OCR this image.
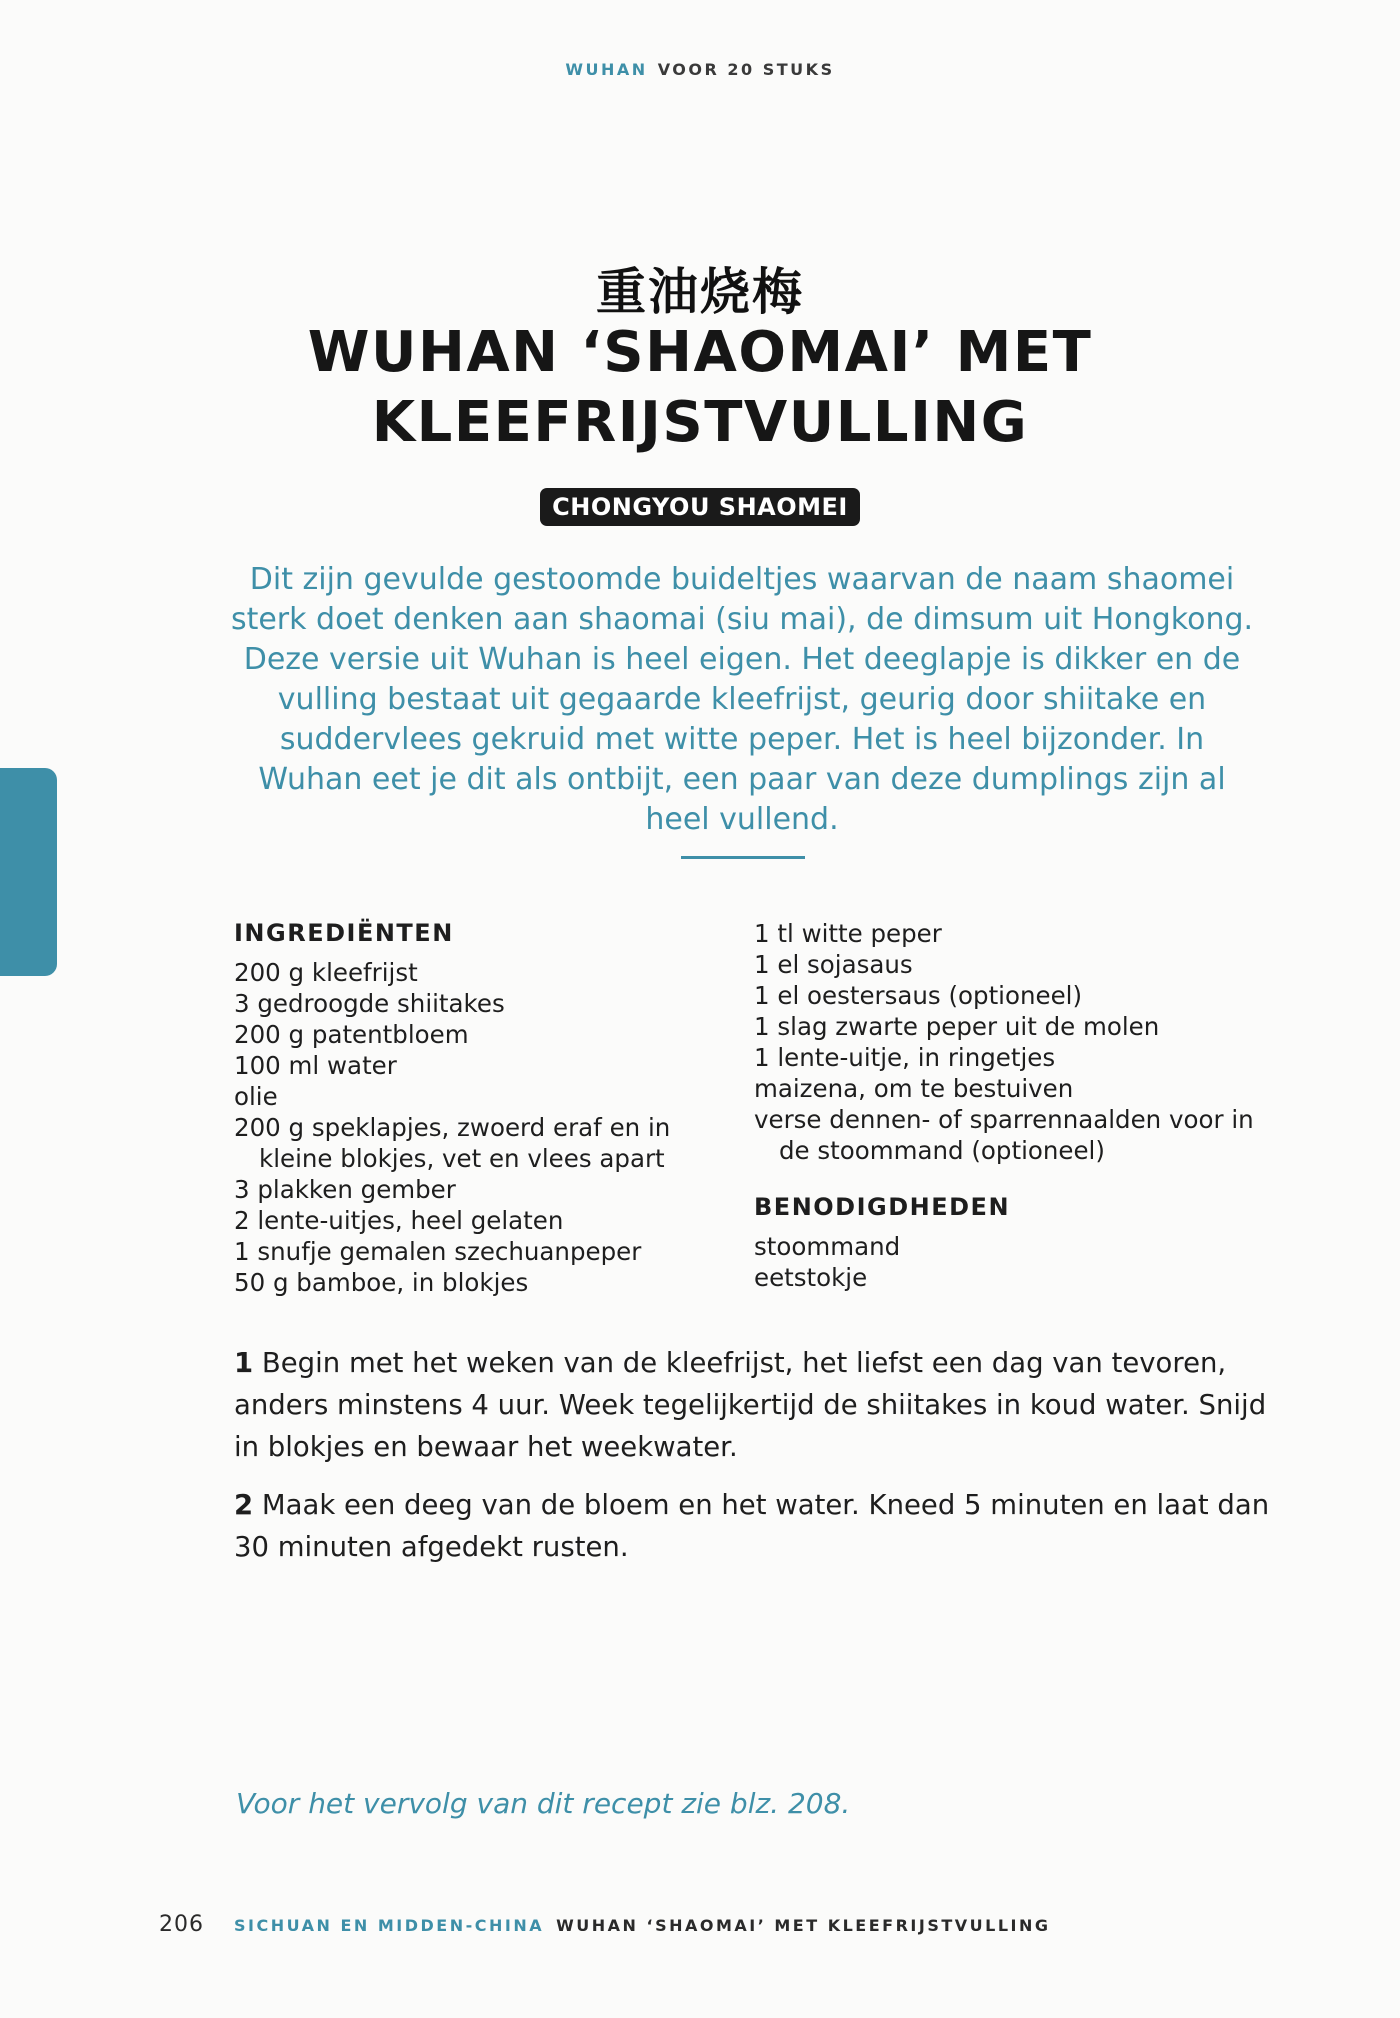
WUHAN VOOR 20 STUKS
重油烧梅
WUHAN ‘SHAOMAI’ MET
KLEEFRIJSTVULLING
CHONGYOU SHAOMEI
Dit zijn gevulde gestoomde buideltjes waarvan de naam shaomei sterk doet denken aan shaomai (siu mai), de dimsum uit Hongkong. Deze versie uit Wuhan is heel eigen. Het deeglapje is dikker en de vulling bestaat uit gegaarde kleefrijst, geurig door shiitake en suddervlees gekruid met witte peper. Het is heel bijzonder. In Wuhan eet je dit als ontbijt, een paar van deze dumplings zijn al heel vullend.
INGREDIËNTEN
200 g kleefrijst
3 gedroogde shiitakes
200 g patentbloem
100 ml water
olie
200 g speklapjes, zwoerd eraf en in kleine blokjes, vet en vlees apart
3 plakken gember
2 lente-uitjes, heel gelaten
1 snufje gemalen szechuanpeper
50 g bamboe, in blokjes
1 tl witte peper
1 el sojasaus
1 el oestersaus (optioneel)
1 slag zwarte peper uit de molen
1 lente-uitje, in ringetjes
maizena, om te bestuiven
verse dennen- of sparrennaalden voor in de stoommand (optioneel)
BENODIGDHEDEN
stoommand
eetstokje
1 Begin met het weken van de kleefrijst, het liefst een dag van tevoren, anders minstens 4 uur. Week tegelijkertijd de shiitakes in koud water. Snijd in blokjes en bewaar het weekwater.
2 Maak een deeg van de bloem en het water. Kneed 5 minuten en laat dan 30 minuten afgedekt rusten.
Voor het vervolg van dit recept zie blz. 208.
206 SICHUAN EN MIDDEN-CHINA WUHAN ‘SHAOMAI’ MET KLEEFRIJSTVULLING
